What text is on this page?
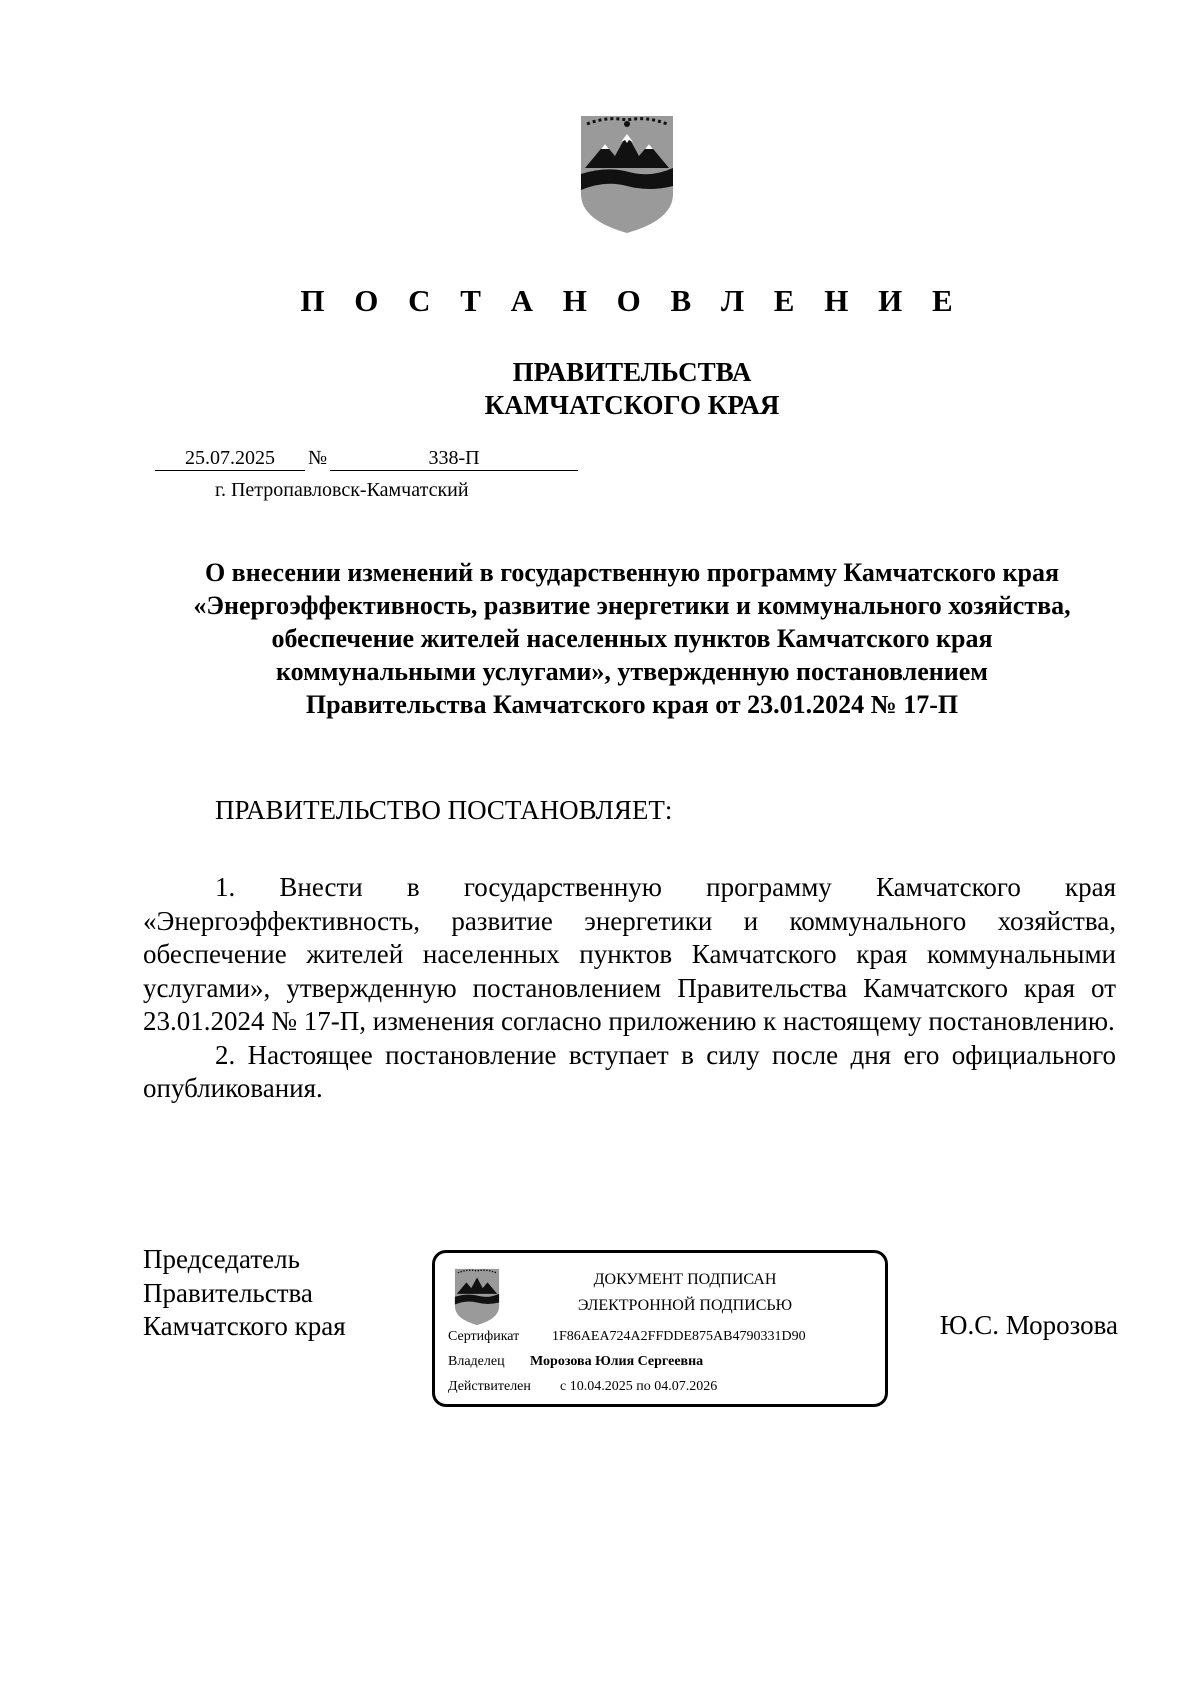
П О С Т А Н О В Л Е Н И Е
ПРАВИТЕЛЬСТВА
КАМЧАТСКОГО КРАЯ
25.07.2025	№	338-П
г. Петропавловск-Камчатский
О внесении изменений в государственную программу Камчатского края
«Энергоэффективность, развитие энергетики и коммунального хозяйства,
обеспечение жителей населенных пунктов Камчатского края
коммунальными услугами», утвержденную постановлением
Правительства Камчатского края от 23.01.2024 № 17-П
ПРАВИТЕЛЬСТВО ПОСТАНОВЛЯЕТ:

1. Внести в государственную программу Камчатского края «Энергоэффективность, развитие энергетики и коммунального хозяйства, обеспечение жителей населенных пунктов Камчатского края коммунальными услугами», утвержденную постановлением Правительства Камчатского края от 23.01.2024 № 17-П, изменения согласно приложению к настоящему постановлению.

2. Настоящее постановление вступает в силу после дня его официального опубликования.

Председатель
Правительства
Камчатского края
ДОКУМЕНТ ПОДПИСАН
ЭЛЕКТРОННОЙ ПОДПИСЬЮ
Сертификат 1F86AEA724A2FFDDE875AB4790331D90
Владелец Морозова Юлия Сергеевна
Действителен с 10.04.2025 по 04.07.2026
Ю.С. Морозова
